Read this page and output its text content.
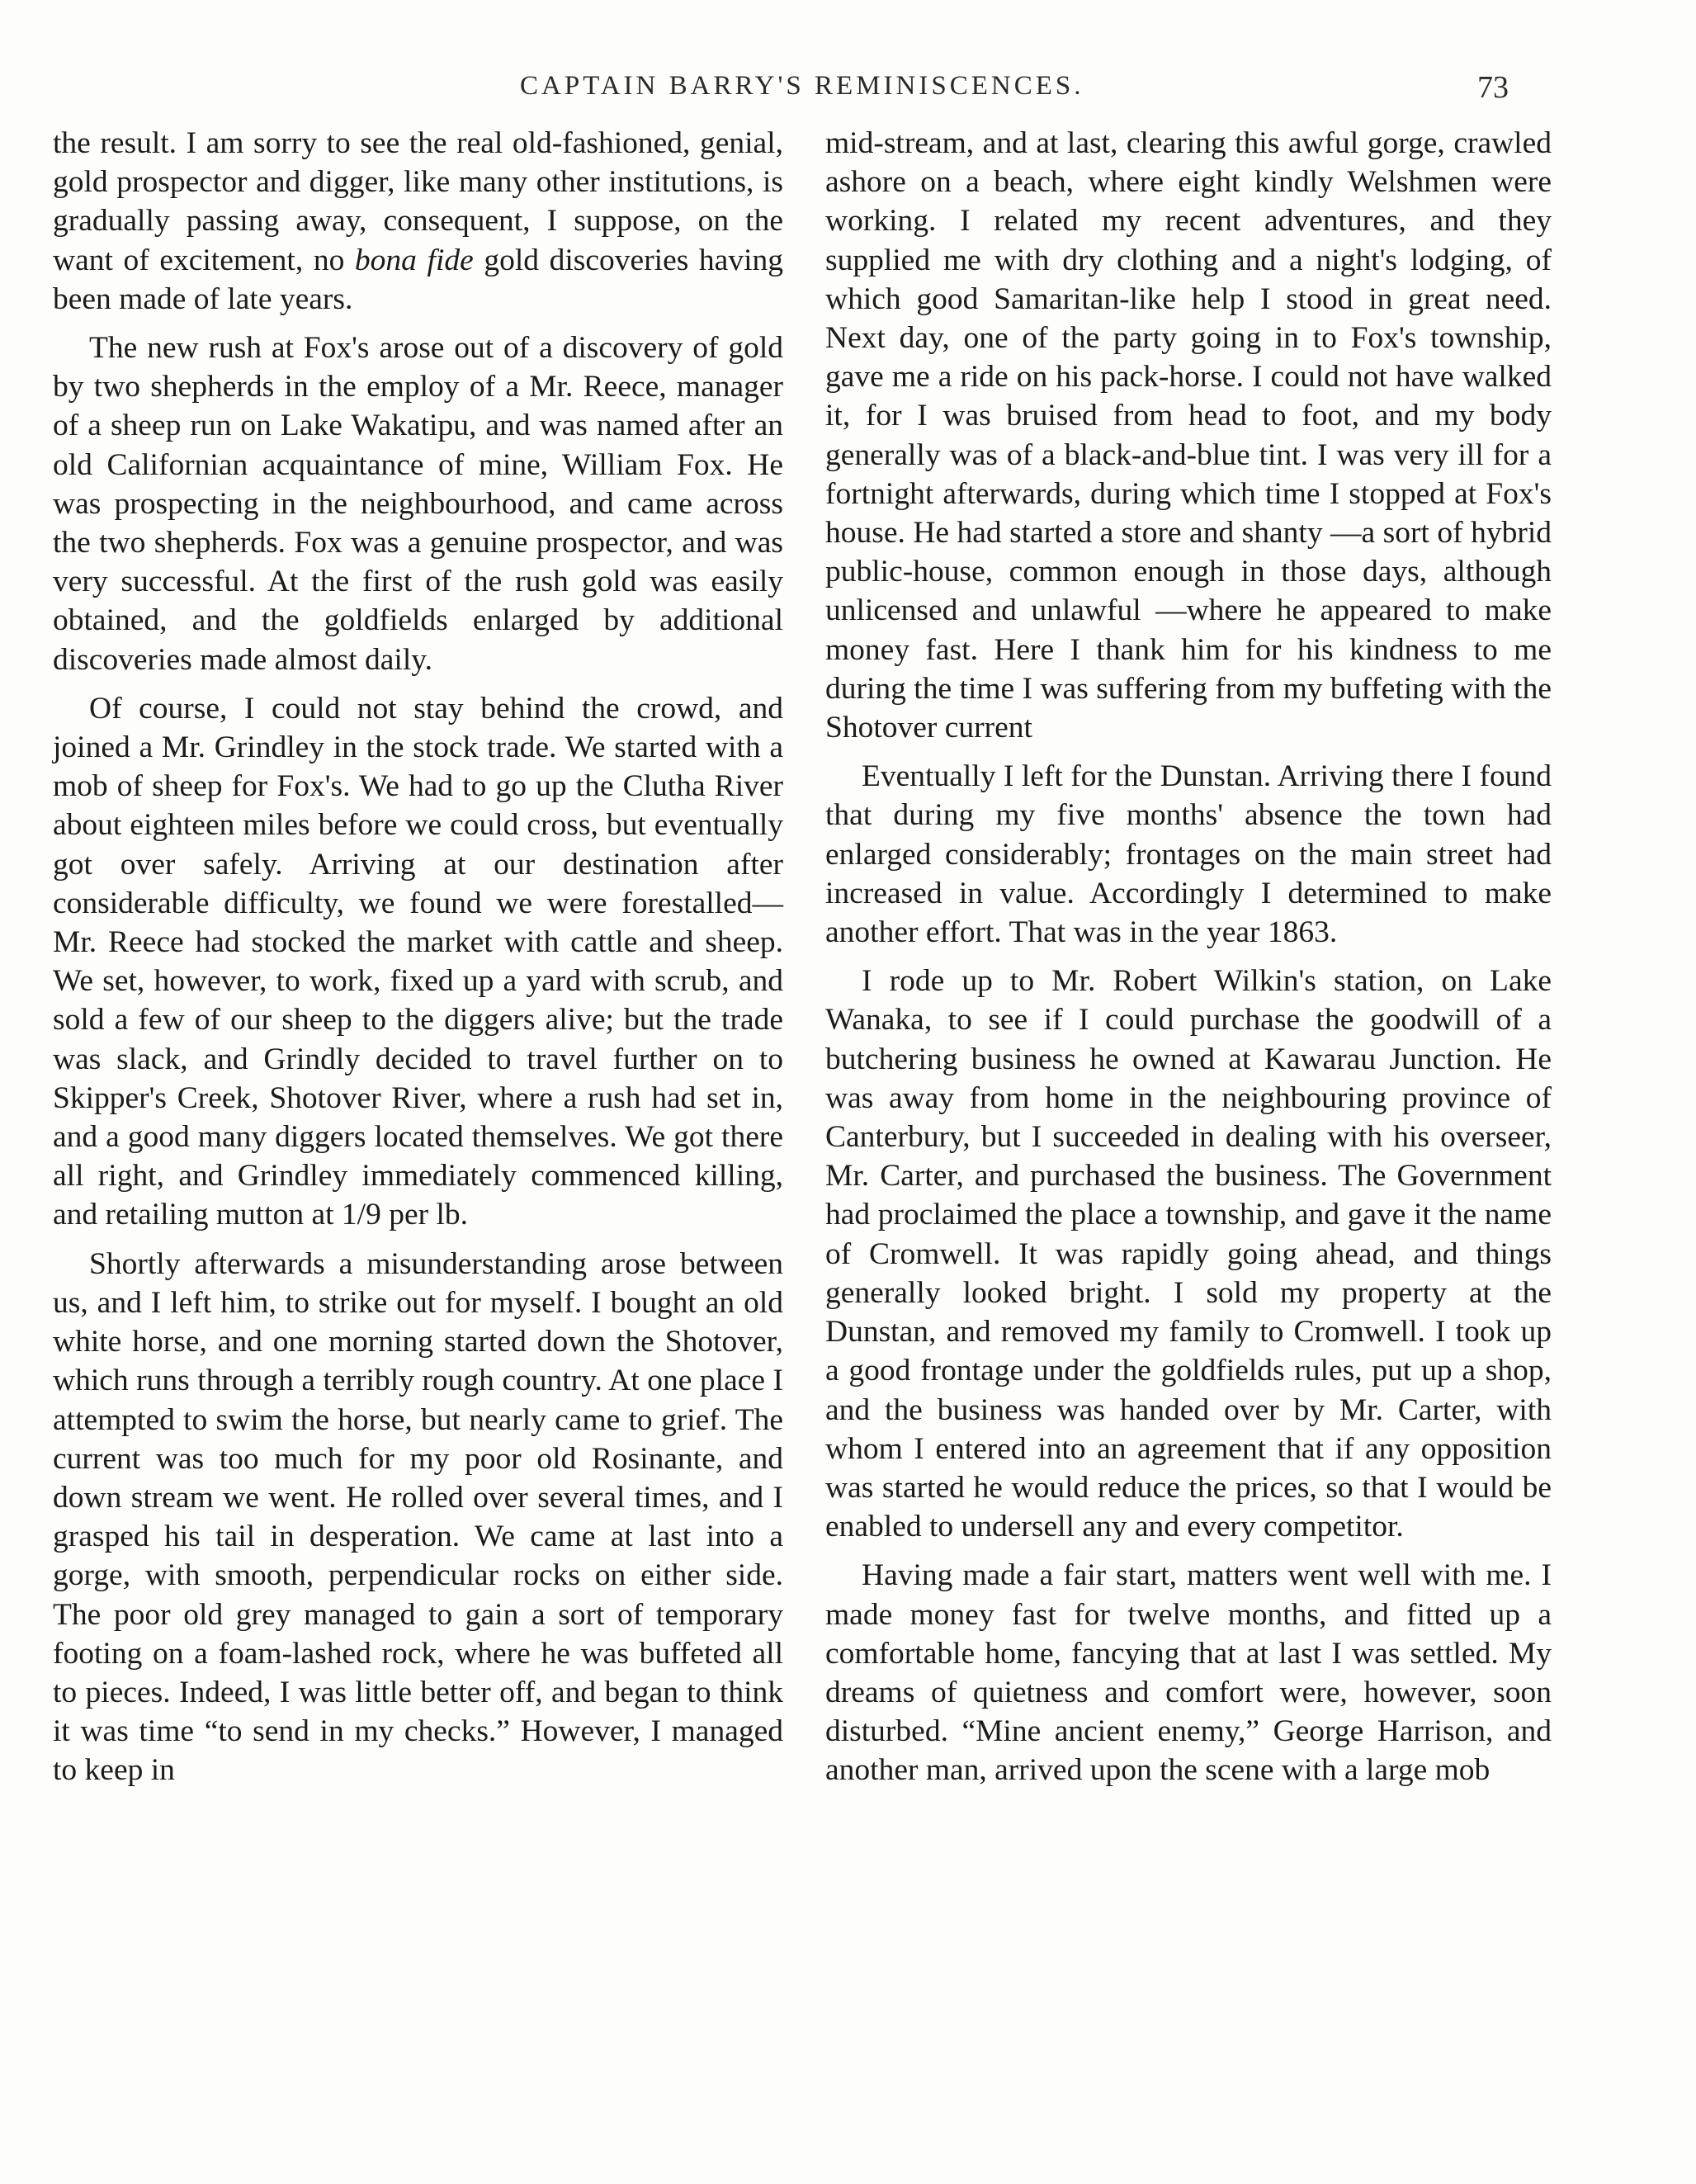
CAPTAIN BARRY'S REMINISCENCES.	73

the result. I am sorry to see the real old-fashioned, genial, gold prospector and digger, like many other institutions, is gradually passing away, consequent, I suppose, on the want of excitement, no bona fide gold discoveries having been made of late years.

The new rush at Fox's arose out of a discovery of gold by two shepherds in the employ of a Mr. Reece, manager of a sheep run on Lake Wakatipu, and was named after an old Californian acquaintance of mine, William Fox. He was prospecting in the neighbourhood, and came across the two shepherds. Fox was a genuine prospector, and was very successful. At the first of the rush gold was easily obtained, and the goldfields enlarged by additional discoveries made almost daily.

Of course, I could not stay behind the crowd, and joined a Mr. Grindley in the stock trade. We started with a mob of sheep for Fox's. We had to go up the Clutha River about eighteen miles before we could cross, but eventually got over safely. Arriving at our destination after considerable difficulty, we found we were forestalled—Mr. Reece had stocked the market with cattle and sheep. We set, however, to work, fixed up a yard with scrub, and sold a few of our sheep to the diggers alive; but the trade was slack, and Grindly decided to travel further on to Skipper's Creek, Shotover River, where a rush had set in, and a good many diggers located themselves. We got there all right, and Grindley immediately commenced killing, and retailing mutton at 1/9 per lb.

Shortly afterwards a misunderstanding arose between us, and I left him, to strike out for myself. I bought an old white horse, and one morning started down the Shotover, which runs through a terribly rough country. At one place I attempted to swim the horse, but nearly came to grief. The current was too much for my poor old Rosinante, and down stream we went. He rolled over several times, and I grasped his tail in desperation. We came at last into a gorge, with smooth, perpendicular rocks on either side. The poor old grey managed to gain a sort of temporary footing on a foam-lashed rock, where he was buffeted all to pieces. Indeed, I was little better off, and began to think it was time “to send in my checks.” However, I managed to keep in

mid-stream, and at last, clearing this awful gorge, crawled ashore on a beach, where eight kindly Welshmen were working. I related my recent adventures, and they supplied me with dry clothing and a night's lodging, of which good Samaritan-like help I stood in great need. Next day, one of the party going in to Fox's township, gave me a ride on his pack-horse. I could not have walked it, for I was bruised from head to foot, and my body generally was of a black-and-blue tint. I was very ill for a fortnight afterwards, during which time I stopped at Fox's house. He had started a store and shanty —a sort of hybrid public-house, common enough in those days, although unlicensed and unlawful —where he appeared to make money fast. Here I thank him for his kindness to me during the time I was suffering from my buffeting with the Shotover current

Eventually I left for the Dunstan. Arriving there I found that during my five months' absence the town had enlarged considerably; frontages on the main street had increased in value. Accordingly I determined to make another effort. That was in the year 1863.

I rode up to Mr. Robert Wilkin's station, on Lake Wanaka, to see if I could purchase the goodwill of a butchering business he owned at Kawarau Junction. He was away from home in the neighbouring province of Canterbury, but I succeeded in dealing with his overseer, Mr. Carter, and purchased the business. The Government had proclaimed the place a township, and gave it the name of Cromwell. It was rapidly going ahead, and things generally looked bright. I sold my property at the Dunstan, and removed my family to Cromwell. I took up a good frontage under the goldfields rules, put up a shop, and the business was handed over by Mr. Carter, with whom I entered into an agreement that if any opposition was started he would reduce the prices, so that I would be enabled to undersell any and every competitor.

Having made a fair start, matters went well with me. I made money fast for twelve months, and fitted up a comfortable home, fancying that at last I was settled. My dreams of quietness and comfort were, however, soon disturbed. “Mine ancient enemy,” George Harrison, and another man, arrived upon the scene with a large mob
